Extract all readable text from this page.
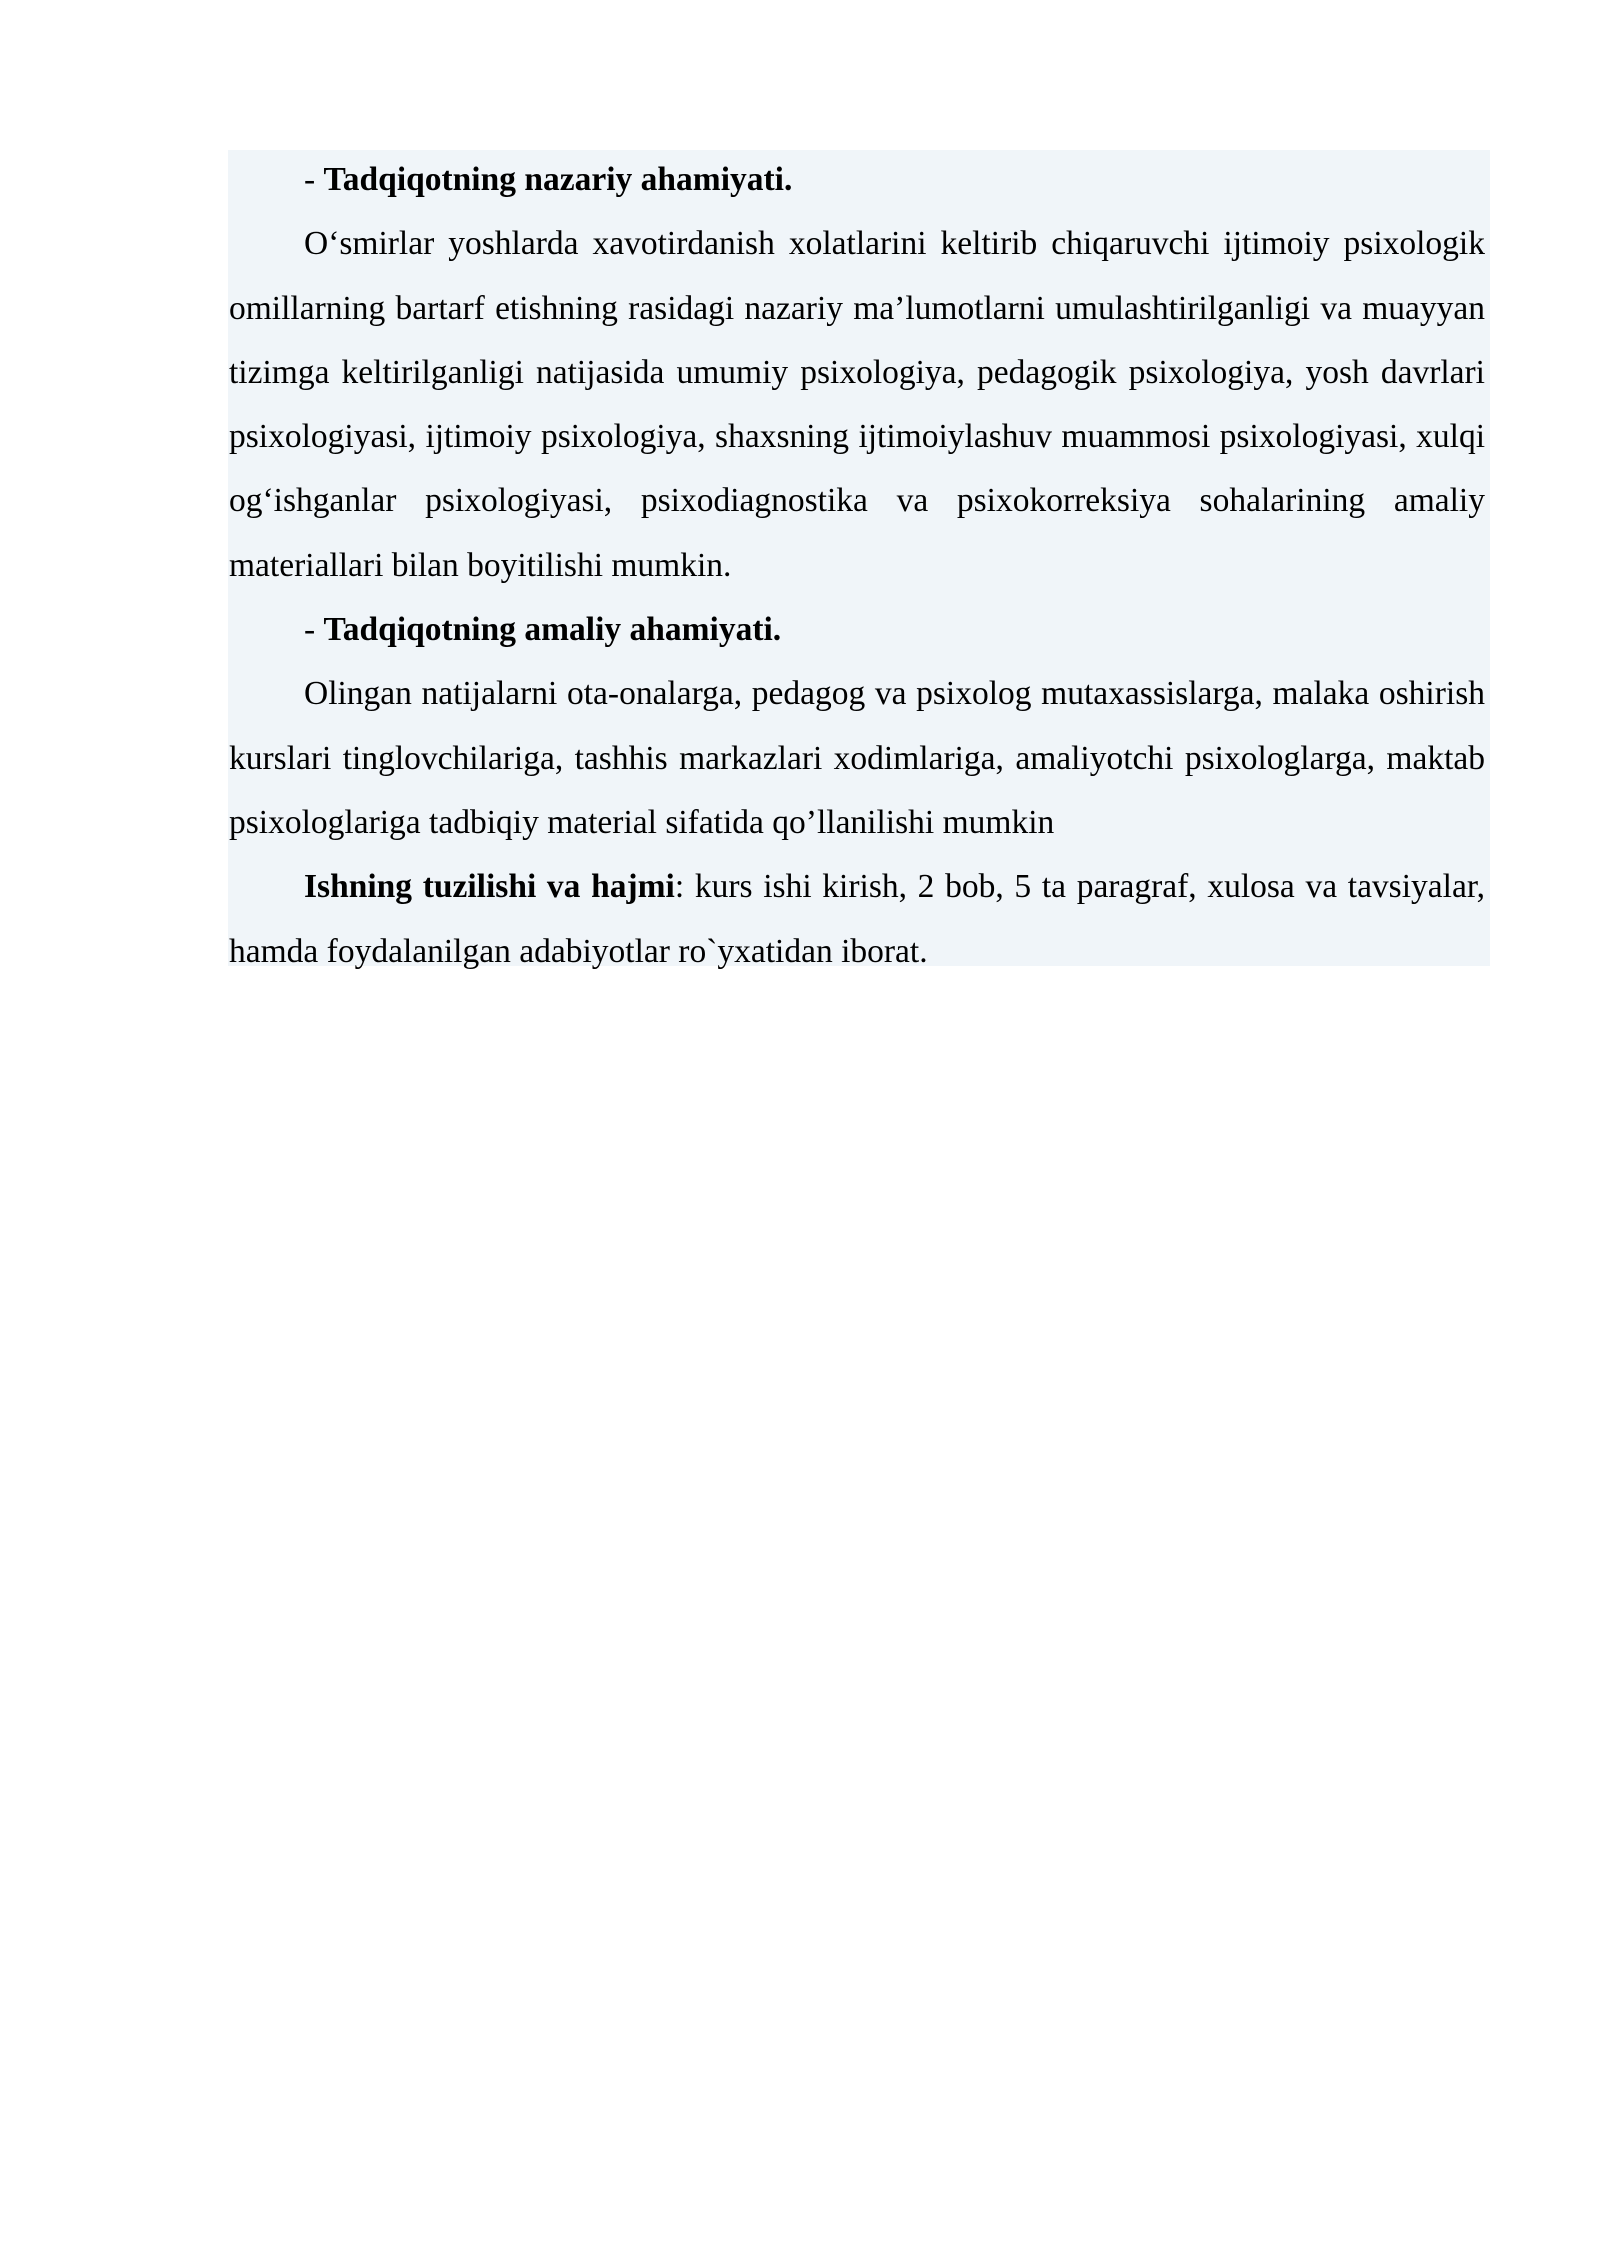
- Tadqiqotning nazariy ahamiyati.

O‘smirlar yoshlarda xavotirdanish xolatlarini keltirib chiqaruvchi ijtimoiy psixologik omillarning bartarf etishning rasidagi nazariy ma’lumotlarni umulashtirilganligi va muayyan tizimga keltirilganligi natijasida umumiy psixologiya, pedagogik psixologiya, yosh davrlari psixologiyasi, ijtimoiy psixologiya, shaxsning ijtimoiylashuv muammosi psixologiyasi, xulqi og‘ishganlar psixologiyasi, psixodiagnostika va psixokorreksiya sohalarining amaliy materiallari bilan boyitilishi mumkin.

- Tadqiqotning amaliy ahamiyati.

Olingan natijalarni ota-onalarga, pedagog va psixolog mutaxassislarga, malaka oshirish kurslari tinglovchilariga, tashhis markazlari xodimlariga, amaliyotchi psixologlarga, maktab psixologlariga tadbiqiy material sifatida qo’llanilishi mumkin

Ishning tuzilishi va hajmi: kurs ishi kirish, 2 bob, 5 ta paragraf, xulosa va tavsiyalar, hamda foydalanilgan adabiyotlar ro`yxatidan iborat.
